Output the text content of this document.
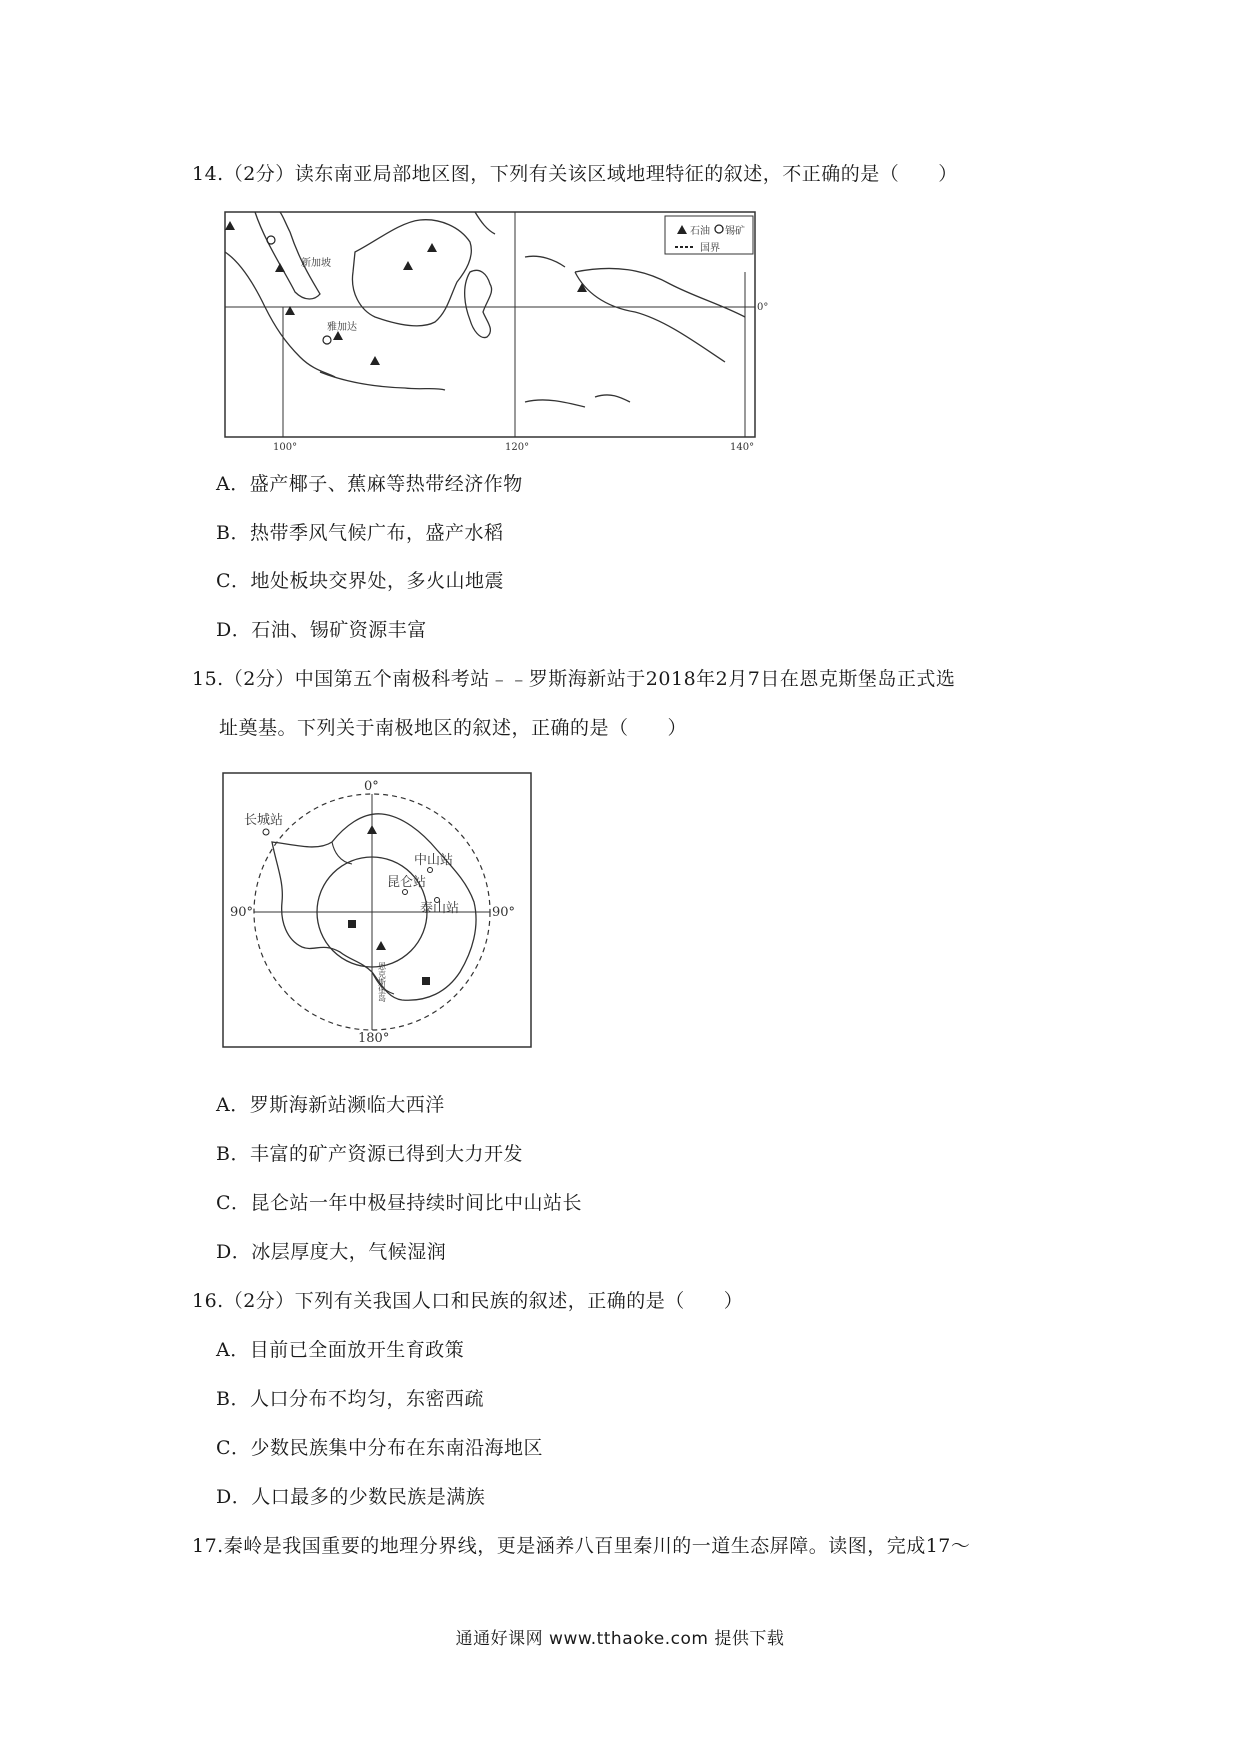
14.（2分）读东南亚局部地区图，下列有关该区域地理特征的叙述，不正确的是（　　）
石油 锡矿
国界
新加坡
雅加达
100°	120°	140°
0°
A．盛产椰子、蕉麻等热带经济作物
B．热带季风气候广布，盛产水稻
C．地处板块交界处，多火山地震
D．石油、锡矿资源丰富
15.（2分）中国第五个南极科考站﹣﹣罗斯海新站于2018年2月7日在恩克斯堡岛正式选
址奠基。下列关于南极地区的叙述，正确的是（　　）
0°
180°
90°	90°
长城站
中山站
昆仑站
泰山站
恩克斯堡岛
A．罗斯海新站濒临大西洋
B．丰富的矿产资源已得到大力开发
C．昆仑站一年中极昼持续时间比中山站长
D．冰层厚度大，气候湿润
16.（2分）下列有关我国人口和民族的叙述，正确的是（　　）
A．目前已全面放开生育政策
B．人口分布不均匀，东密西疏
C．少数民族集中分布在东南沿海地区
D．人口最多的少数民族是满族
17.秦岭是我国重要的地理分界线，更是涵养八百里秦川的一道生态屏障。读图，完成17～
通通好课网 www.tthaoke.com 提供下载
